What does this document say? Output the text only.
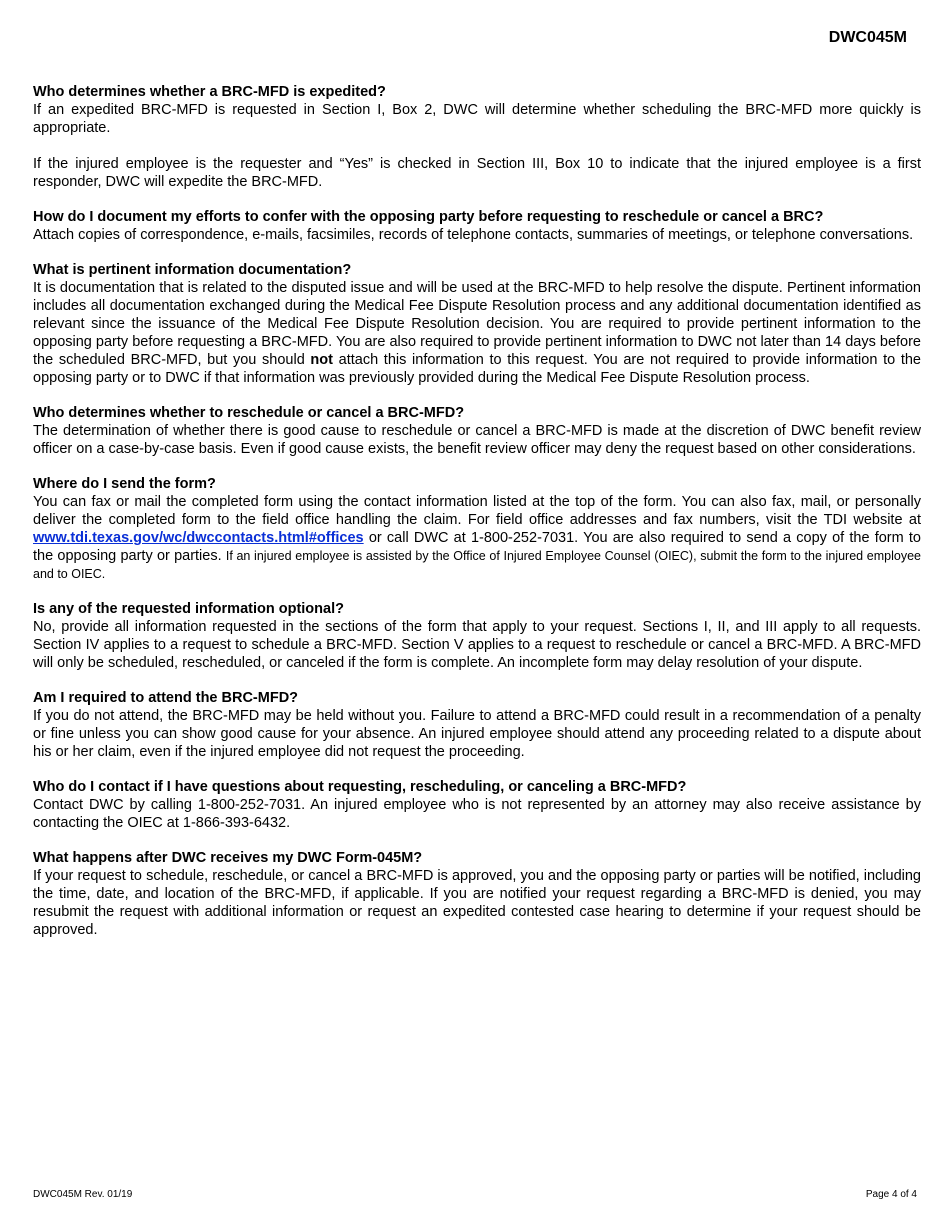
DWC045M
Who determines whether a BRC-MFD is expedited?
If an expedited BRC-MFD is requested in Section I, Box 2, DWC will determine whether scheduling the BRC-MFD more quickly is appropriate.
If the injured employee is the requester and “Yes” is checked in Section III, Box 10 to indicate that the injured employee is a first responder, DWC will expedite the BRC-MFD.
How do I document my efforts to confer with the opposing party before requesting to reschedule or cancel a BRC?
Attach copies of correspondence, e-mails, facsimiles, records of telephone contacts, summaries of meetings, or telephone conversations.
What is pertinent information documentation?
It is documentation that is related to the disputed issue and will be used at the BRC-MFD to help resolve the dispute. Pertinent information includes all documentation exchanged during the Medical Fee Dispute Resolution process and any additional documentation identified as relevant since the issuance of the Medical Fee Dispute Resolution decision. You are required to provide pertinent information to the opposing party before requesting a BRC-MFD. You are also required to provide pertinent information to DWC not later than 14 days before the scheduled BRC-MFD, but you should not attach this information to this request. You are not required to provide information to the opposing party or to DWC if that information was previously provided during the Medical Fee Dispute Resolution process.
Who determines whether to reschedule or cancel a BRC-MFD?
The determination of whether there is good cause to reschedule or cancel a BRC-MFD is made at the discretion of DWC benefit review officer on a case-by-case basis. Even if good cause exists, the benefit review officer may deny the request based on other considerations.
Where do I send the form?
You can fax or mail the completed form using the contact information listed at the top of the form. You can also fax, mail, or personally deliver the completed form to the field office handling the claim. For field office addresses and fax numbers, visit the TDI website at www.tdi.texas.gov/wc/dwccontacts.html#offices or call DWC at 1-800-252-7031. You are also required to send a copy of the form to the opposing party or parties. If an injured employee is assisted by the Office of Injured Employee Counsel (OIEC), submit the form to the injured employee and to OIEC.
Is any of the requested information optional?
No, provide all information requested in the sections of the form that apply to your request. Sections I, II, and III apply to all requests. Section IV applies to a request to schedule a BRC-MFD. Section V applies to a request to reschedule or cancel a BRC-MFD. A BRC-MFD will only be scheduled, rescheduled, or canceled if the form is complete. An incomplete form may delay resolution of your dispute.
Am I required to attend the BRC-MFD?
If you do not attend, the BRC-MFD may be held without you. Failure to attend a BRC-MFD could result in a recommendation of a penalty or fine unless you can show good cause for your absence. An injured employee should attend any proceeding related to a dispute about his or her claim, even if the injured employee did not request the proceeding.
Who do I contact if I have questions about requesting, rescheduling, or canceling a BRC-MFD?
Contact DWC by calling 1-800-252-7031. An injured employee who is not represented by an attorney may also receive assistance by contacting the OIEC at 1-866-393-6432.
What happens after DWC receives my DWC Form-045M?
If your request to schedule, reschedule, or cancel a BRC-MFD is approved, you and the opposing party or parties will be notified, including the time, date, and location of the BRC-MFD, if applicable. If you are notified your request regarding a BRC-MFD is denied, you may resubmit the request with additional information or request an expedited contested case hearing to determine if your request should be approved.
DWC045M Rev. 01/19	Page 4 of 4
